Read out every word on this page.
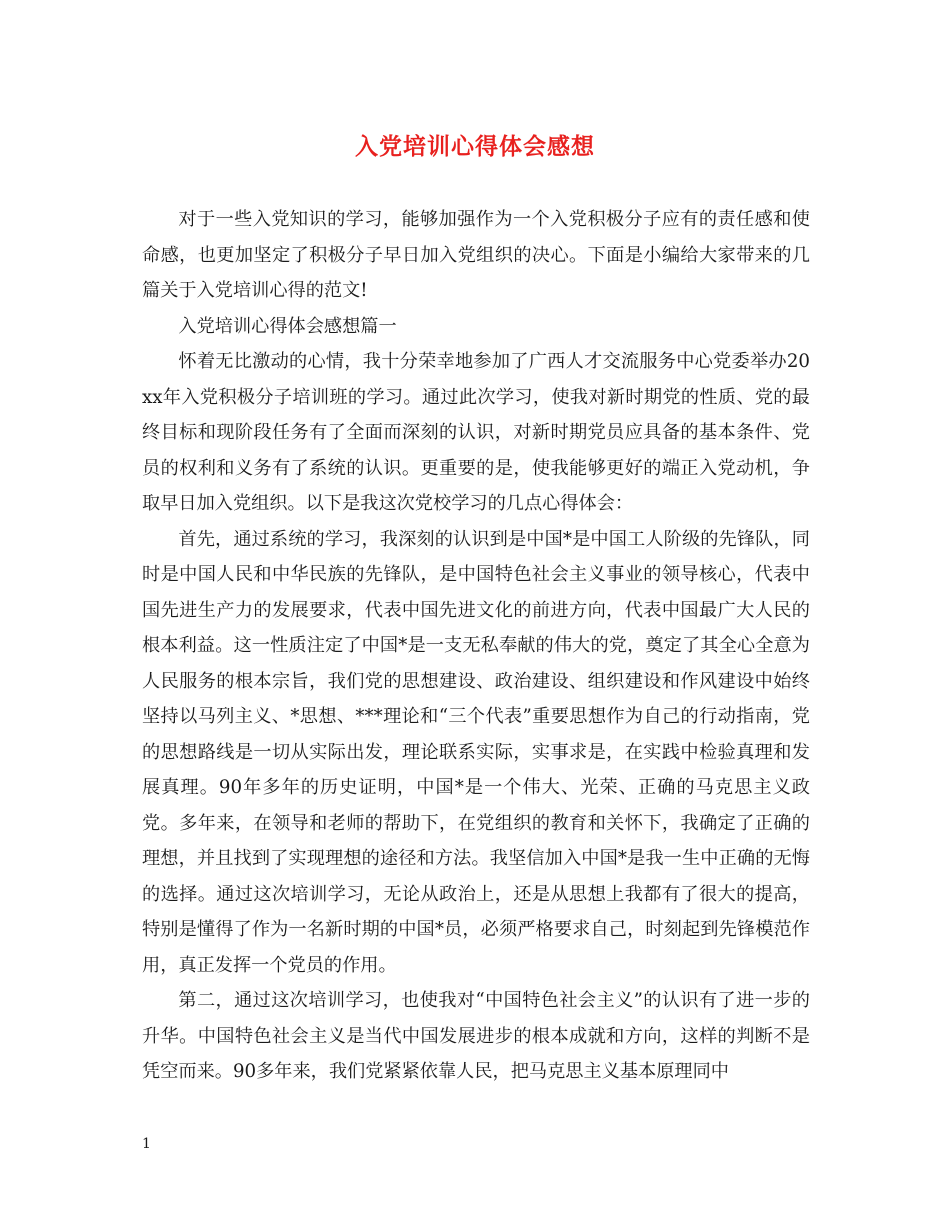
入党培训心得体会感想

对于一些入党知识的学习，能够加强作为一个入党积极分子应有的责任感和使命感，也更加坚定了积极分子早日加入党组织的决心。下面是小编给大家带来的几篇关于入党培训心得的范文!

入党培训心得体会感想篇一

怀着无比激动的心情，我十分荣幸地参加了广西人才交流服务中心党委举办20xx年入党积极分子培训班的学习。通过此次学习，使我对新时期党的性质、党的最终目标和现阶段任务有了全面而深刻的认识，对新时期党员应具备的基本条件、党员的权利和义务有了系统的认识。更重要的是，使我能够更好的端正入党动机，争取早日加入党组织。以下是我这次党校学习的几点心得体会：

首先，通过系统的学习，我深刻的认识到是中国*是中国工人阶级的先锋队，同时是中国人民和中华民族的先锋队，是中国特色社会主义事业的领导核心，代表中国先进生产力的发展要求，代表中国先进文化的前进方向，代表中国最广大人民的根本利益。这一性质注定了中国*是一支无私奉献的伟大的党，奠定了其全心全意为人民服务的根本宗旨，我们党的思想建设、政治建设、组织建设和作风建设中始终坚持以马列主义、*思想、***理论和“三个代表”重要思想作为自己的行动指南，党的思想路线是一切从实际出发，理论联系实际，实事求是，在实践中检验真理和发展真理。90年多年的历史证明，中国*是一个伟大、光荣、正确的马克思主义政党。多年来，在领导和老师的帮助下，在党组织的教育和关怀下，我确定了正确的理想，并且找到了实现理想的途径和方法。我坚信加入中国*是我一生中正确的无悔的选择。通过这次培训学习，无论从政治上，还是从思想上我都有了很大的提高，特别是懂得了作为一名新时期的中国*员，必须严格要求自己，时刻起到先锋模范作用，真正发挥一个党员的作用。

第二，通过这次培训学习，也使我对“中国特色社会主义”的认识有了进一步的升华。中国特色社会主义是当代中国发展进步的根本成就和方向，这样的判断不是凭空而来。90多年来，我们党紧紧依靠人民，把马克思主义基本原理同中

1
